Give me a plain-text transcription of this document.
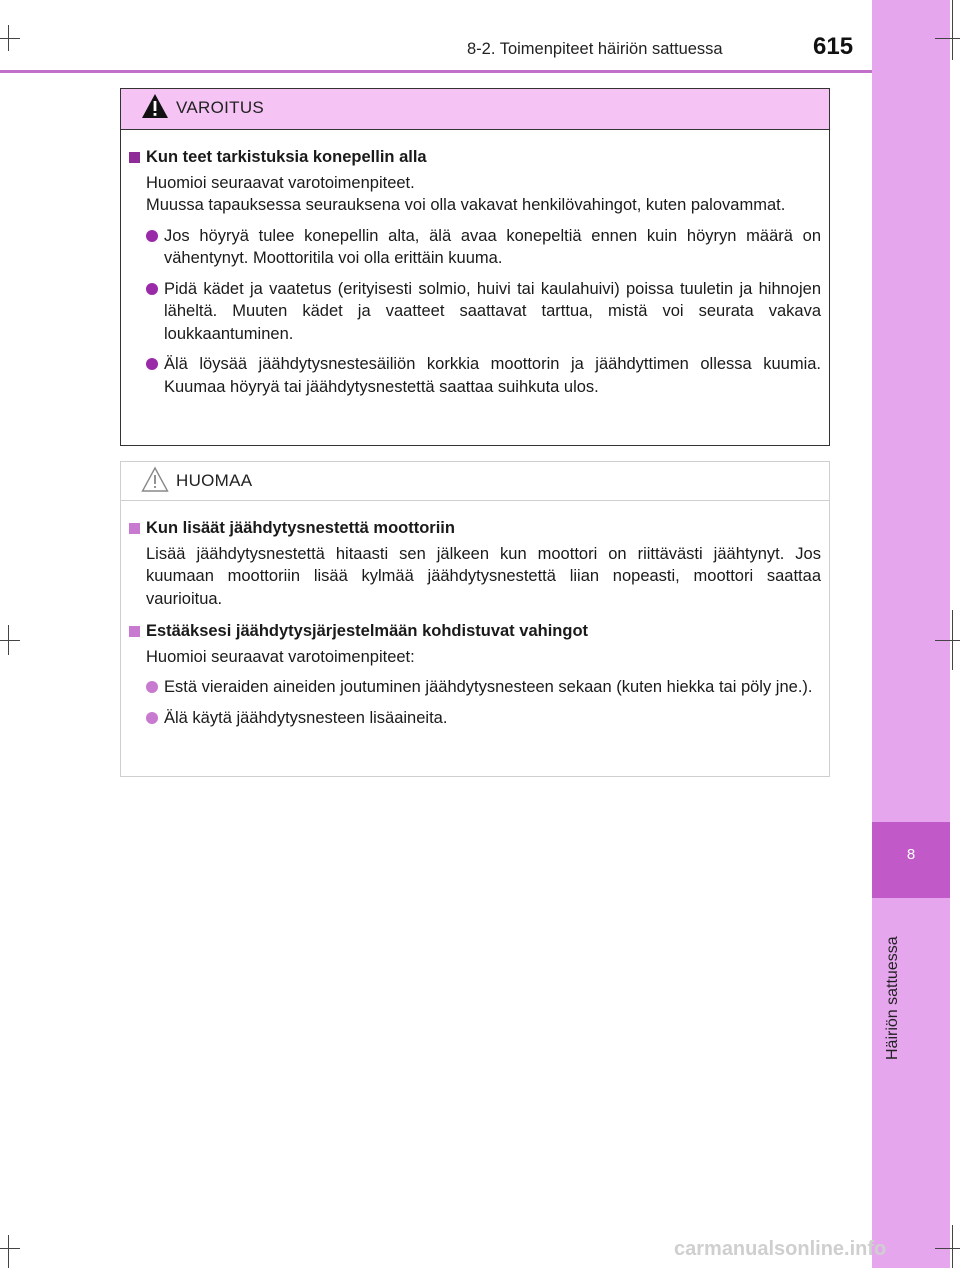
8
Häiriön sattuessa
8-2. Toimenpiteet häiriön sattuessa	615
VAROITUS
Kun teet tarkistuksia konepellin alla
Huomioi seuraavat varotoimenpiteet.
Muussa tapauksessa seurauksena voi olla vakavat henkilövahingot, kuten palovammat.
Jos höyryä tulee konepellin alta, älä avaa konepeltiä ennen kuin höyryn määrä on vähentynyt. Moottoritila voi olla erittäin kuuma.
Pidä kädet ja vaatetus (erityisesti solmio, huivi tai kaulahuivi) poissa tuuletin ja hihnojen läheltä. Muuten kädet ja vaatteet saattavat tarttua, mistä voi seurata vakava loukkaantuminen.
Älä löysää jäähdytysnestesäiliön korkkia moottorin ja jäähdyttimen ollessa kuumia. Kuumaa höyryä tai jäähdytysnestettä saattaa suihkuta ulos.
HUOMAA
Kun lisäät jäähdytysnestettä moottoriin
Lisää jäähdytysnestettä hitaasti sen jälkeen kun moottori on riittävästi jäähtynyt. Jos kuumaan moottoriin lisää kylmää jäähdytysnestettä liian nopeasti, moottori saattaa vaurioitua.
Estääksesi jäähdytysjärjestelmään kohdistuvat vahingot
Huomioi seuraavat varotoimenpiteet:
Estä vieraiden aineiden joutuminen jäähdytysnesteen sekaan (kuten hiekka tai pöly jne.).
Älä käytä jäähdytysnesteen lisäaineita.
carmanualsonline.info
